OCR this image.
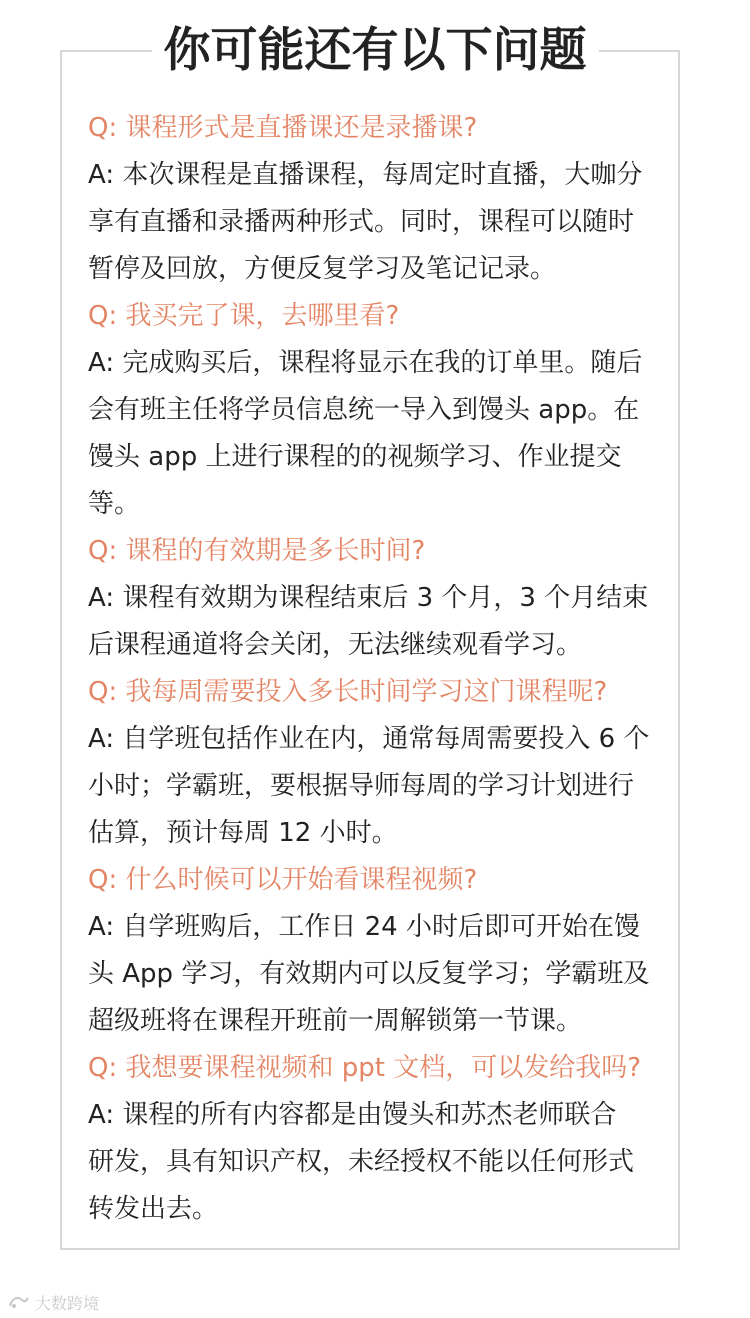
你可能还有以下问题
Q: 课程形式是直播课还是录播课?
A: 本次课程是直播课程，每周定时直播，大咖分
享有直播和录播两种形式。同时，课程可以随时
暂停及回放，方便反复学习及笔记记录。
Q: 我买完了课，去哪里看?
A: 完成购买后，课程将显示在我的订单里。随后
会有班主任将学员信息统一导入到馒头 app。在
馒头 app 上进行课程的的视频学习、作业提交
等。
Q: 课程的有效期是多长时间?
A: 课程有效期为课程结束后 3 个月，3 个月结束
后课程通道将会关闭，无法继续观看学习。
Q: 我每周需要投入多长时间学习这门课程呢?
A: 自学班包括作业在内，通常每周需要投入 6 个
小时；学霸班，要根据导师每周的学习计划进行
估算，预计每周 12 小时。
Q: 什么时候可以开始看课程视频?
A: 自学班购后，工作日 24 小时后即可开始在馒
头 App 学习，有效期内可以反复学习；学霸班及
超级班将在课程开班前一周解锁第一节课。
Q: 我想要课程视频和 ppt 文档，可以发给我吗?
A: 课程的所有内容都是由馒头和苏杰老师联合
研发，具有知识产权，未经授权不能以任何形式
转发出去。
大数跨境
